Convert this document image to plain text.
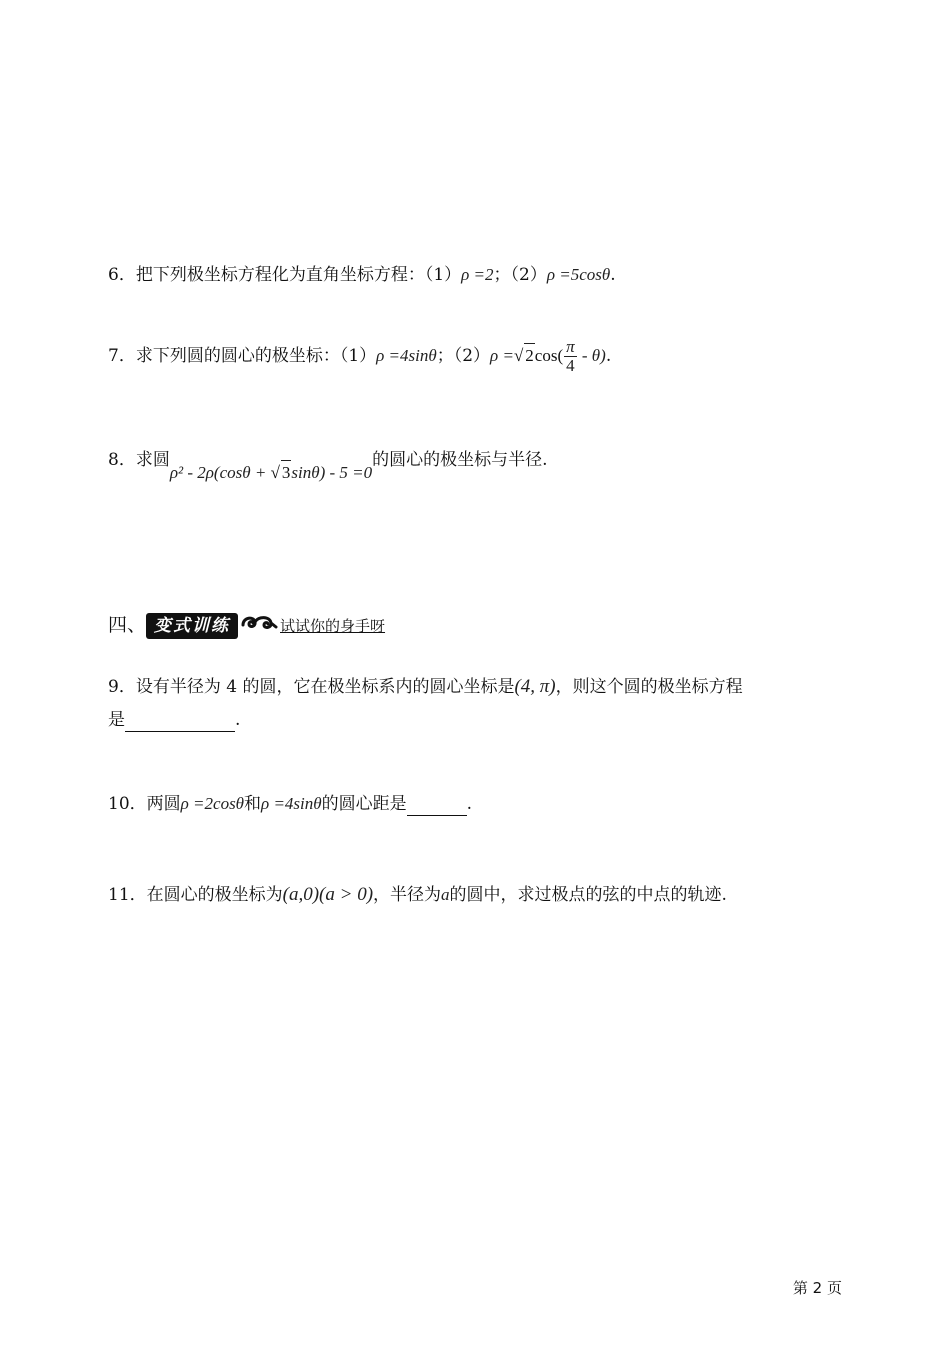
6．把下列极坐标方程化为直角坐标方程：（1）ρ =2；（2）ρ =5cosθ.
7．求下列圆的圆心的极坐标：（1）ρ =4sinθ；（2）ρ =√ $2\cos( \frac{\pi}{4} - \theta)$.
8．求圆ρ² - 2ρ(cosθ + √ 3sinθ) - 5 =0的圆心的极坐标与半径.
四、 变式训练	试试你的身手呀
9．设有半径为 4 的圆，它在极坐标系内的圆心坐标是(4, π)，则这个圆的极坐标方程
是	.
10．两圆ρ =2cosθ和ρ =4sinθ的圆心距是	.
11．在圆心的极坐标为(a,0)(a > 0)，半径为a的圆中，求过极点的弦的中点的轨迹.
第 2 页
